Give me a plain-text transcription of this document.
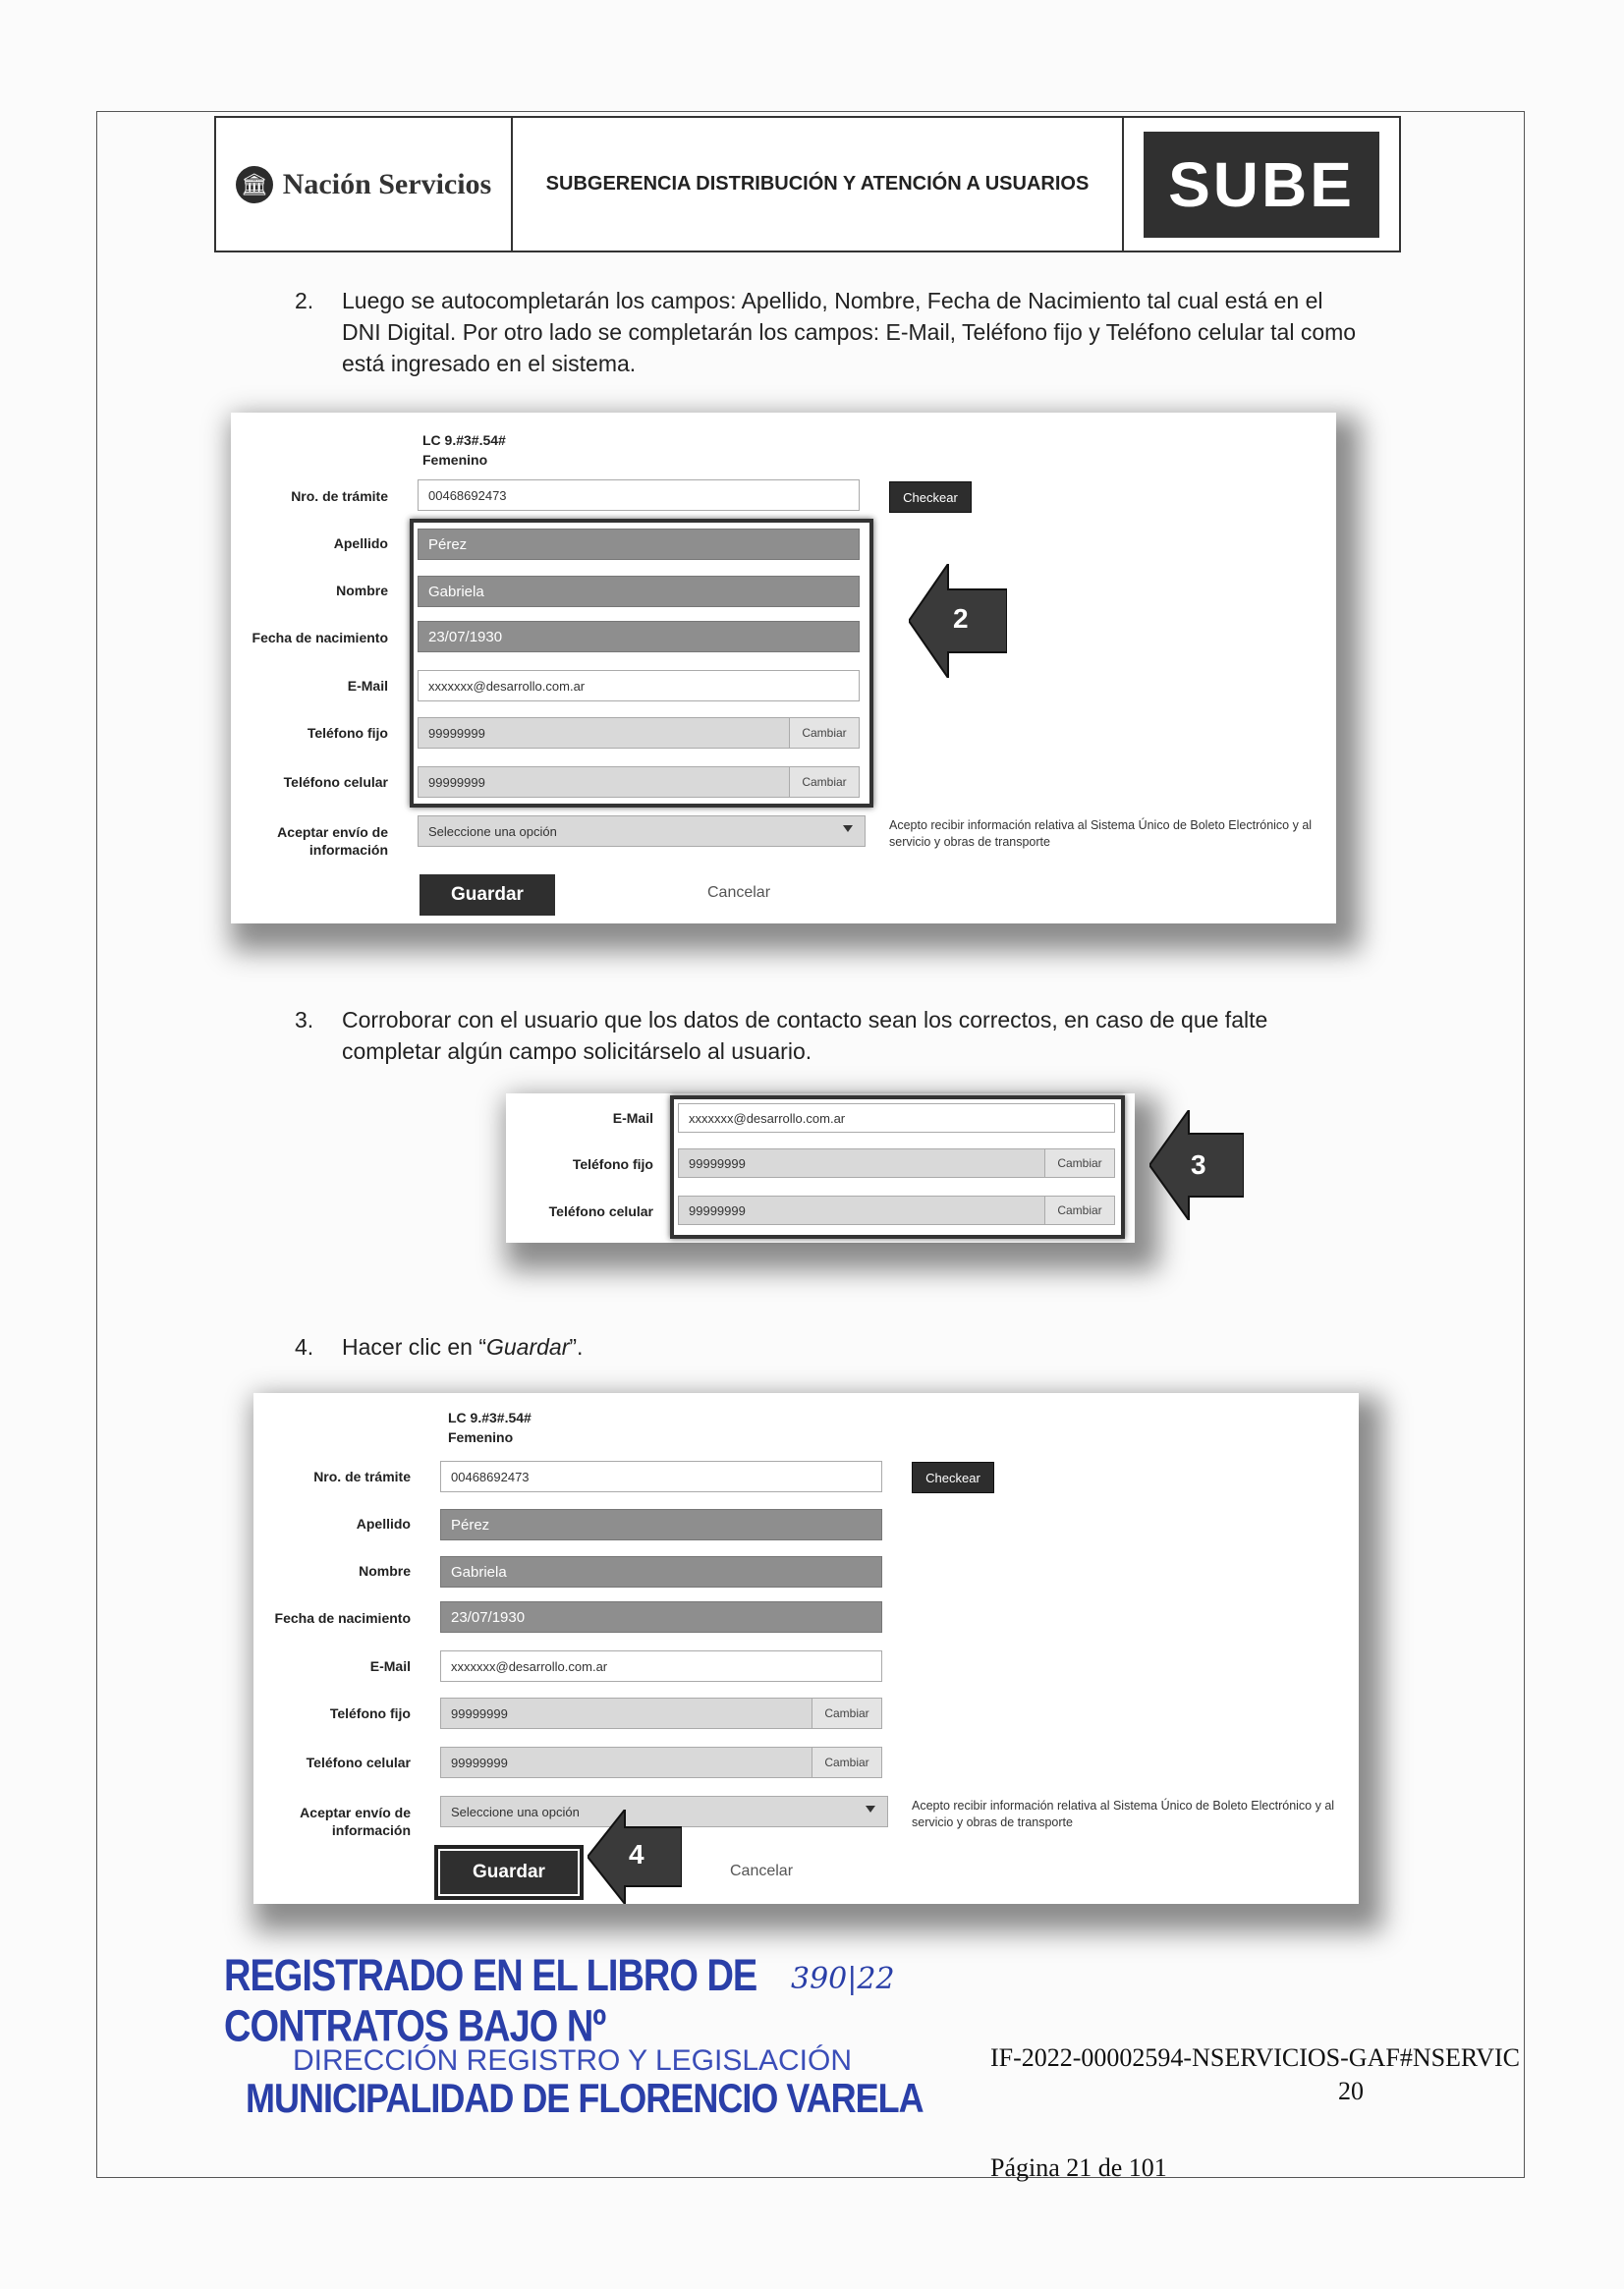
🏛 Nación Servicios	SUBGERENCIA DISTRIBUCIÓN Y ATENCIÓN A USUARIOS	SUBE
2.	Luego se autocompletarán los campos: Apellido, Nombre, Fecha de Nacimiento tal cual está en el DNI Digital. Por otro lado se completarán los campos: E-Mail, Teléfono fijo y Teléfono celular tal como está ingresado en el sistema.
LC 9.#3#.54#
Femenino
Nro. de trámite	00468692473	Checkear
Apellido	Pérez
Nombre	Gabriela
Fecha de nacimiento	23/07/1930
E-Mail	xxxxxxx@desarrollo.com.ar
Teléfono fijo	99999999	Cambiar
Teléfono celular	99999999	Cambiar
Aceptar envío de
información
Seleccione una opción	Acepto recibir información relativa al Sistema Único de Boleto Electrónico y al servicio y obras de transporte
Guardar	Cancelar
2
3.	Corroborar con el usuario que los datos de contacto sean los correctos, en caso de que falte completar algún campo solicitárselo al usuario.
E-Mail	xxxxxxx@desarrollo.com.ar
Teléfono fijo	99999999	Cambiar
Teléfono celular	99999999	Cambiar
3
4.	Hacer clic en “Guardar”.
LC 9.#3#.54#
Femenino
Nro. de trámite	00468692473	Checkear
Apellido	Pérez
Nombre	Gabriela
Fecha de nacimiento	23/07/1930
E-Mail	xxxxxxx@desarrollo.com.ar
Teléfono fijo	99999999	Cambiar
Teléfono celular	99999999	Cambiar
Aceptar envío de
información
Seleccione una opción	Acepto recibir información relativa al Sistema Único de Boleto Electrónico y al servicio y obras de transporte
Guardar	Cancelar
4
REGISTRADO EN EL LIBRO DE CONTRATOS BAJO Nº
390|22
DIRECCIÓN REGISTRO Y LEGISLACIÓN
MUNICIPALIDAD DE FLORENCIO VARELA
IF-2022-00002594-NSERVICIOS-GAF#NSERVIC
20
Página 21 de 101
